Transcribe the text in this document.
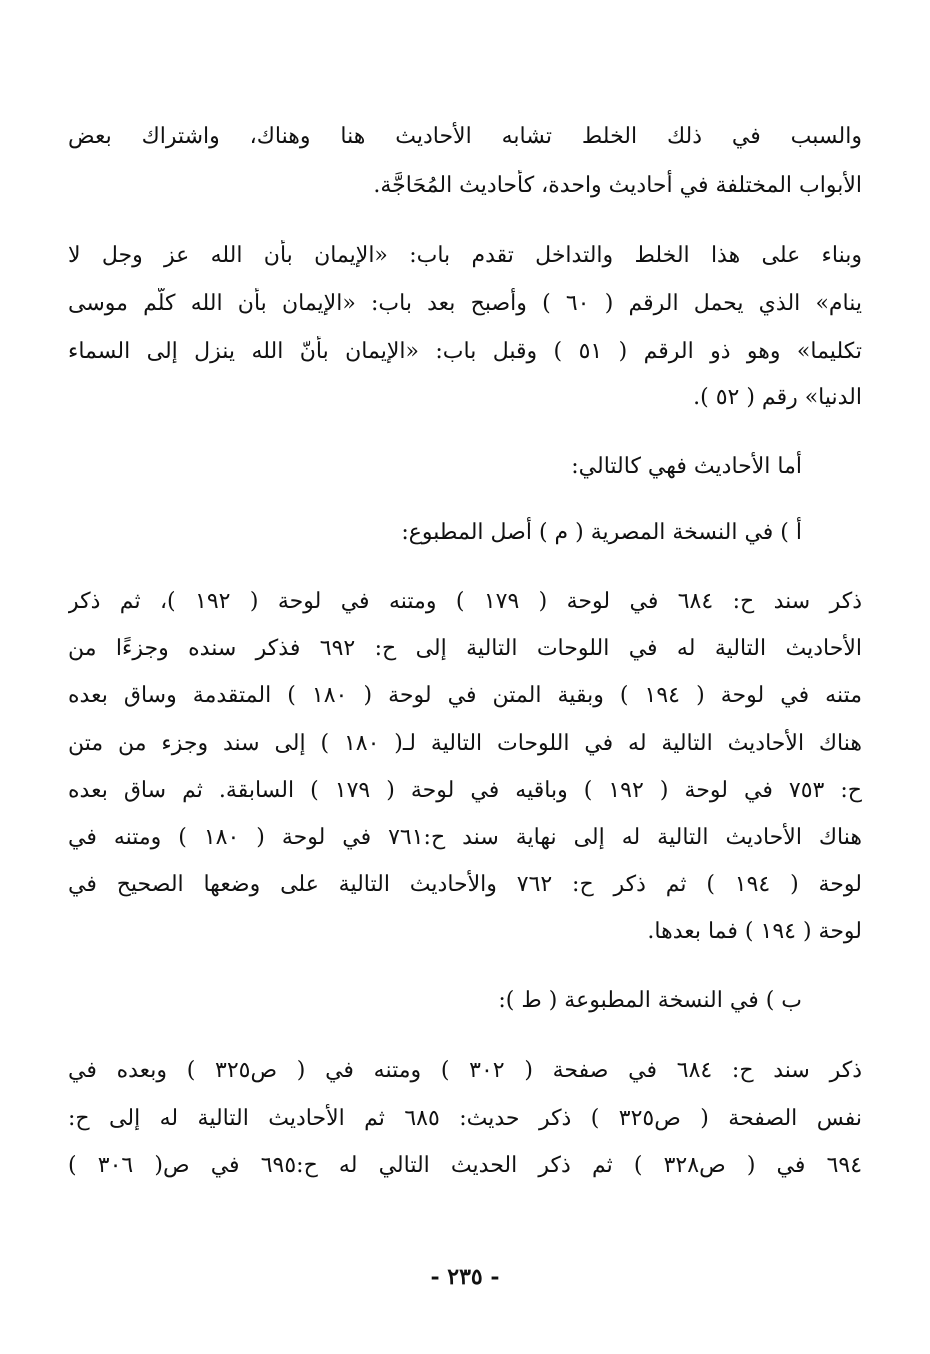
والسبب في ذلك الخلط تشابه الأحاديث هنا وهناك، واشتراك بعض
الأبواب المختلفة في أحاديث واحدة، كأحاديث المُحَاجَّة.
وبناء على هذا الخلط والتداخل تقدم باب: «الإيمان بأن الله عز وجل لا
ينام» الذي يحمل الرقم ( ٦٠ ) وأصبح بعد باب: «الإيمان بأن الله كلّم موسى
تكليما» وهو ذو الرقم ( ٥١ ) وقبل باب: «الإيمان بأنّ الله ينزل إلى السماء
الدنيا» رقم ( ٥٢ ).
أما الأحاديث فهي كالتالي:
أ ) في النسخة المصرية ( م ) أصل المطبوع:
ذكر سند ح: ٦٨٤ في لوحة ( ١٧٩ ) ومتنه في لوحة ( ١٩٢ )، ثم ذكر
الأحاديث التالية له في اللوحات التالية إلى ح: ٦٩٢ فذكر سنده وجزءًا من
متنه في لوحة ( ١٩٤ ) وبقية المتن في لوحة ( ١٨٠ ) المتقدمة وساق بعده
هناك الأحاديث التالية له في اللوحات التالية لـ( ١٨٠ ) إلى سند وجزء من متن
ح: ٧٥٣ في لوحة ( ١٩٢ ) وباقيه في لوحة ( ١٧٩ ) السابقة. ثم ساق بعده
هناك الأحاديث التالية له إلى نهاية سند ح:٧٦١ في لوحة ( ١٨٠ ) ومتنه في
لوحة ( ١٩٤ ) ثم ذكر ح: ٧٦٢ والأحاديث التالية على وضعها الصحيح في
لوحة ( ١٩٤ ) فما بعدها.
ب ) في النسخة المطبوعة ( ط ):
ذكر سند ح: ٦٨٤ في صفحة ( ٣٠٢ ) ومتنه في ( ص٣٢٥ ) وبعده في
نفس الصفحة ( ص٣٢٥ ) ذكر حديث: ٦٨٥ ثم الأحاديث التالية له إلى ح:
٦٩٤ في ( ص٣٢٨ ) ثم ذكر الحديث التالي له ح:٦٩٥ في ص( ٣٠٦ )
- ٢٣٥ -
